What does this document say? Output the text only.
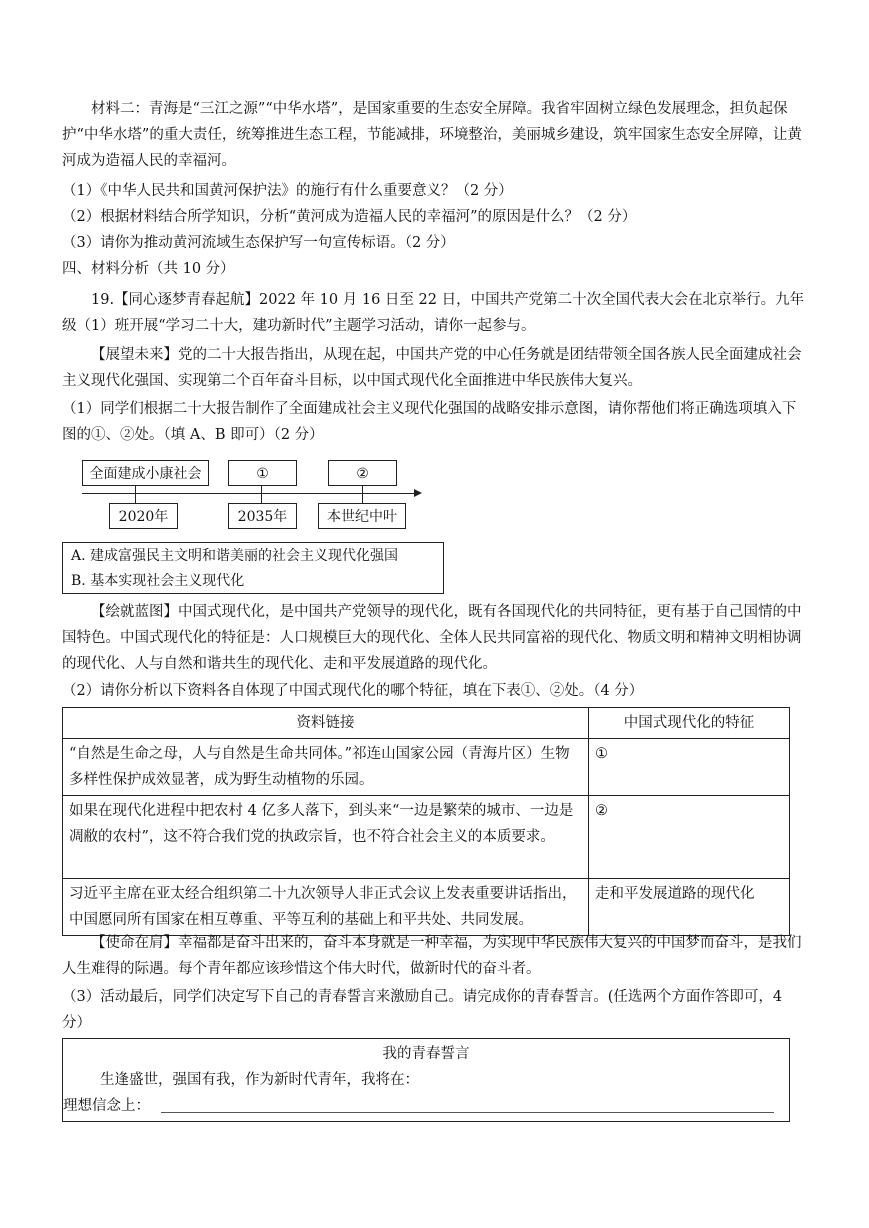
材料二：青海是“三江之源”“中华水塔”，是国家重要的生态安全屏障。我省牢固树立绿色发展理念，担负起保护“中华水塔”的重大责任，统筹推进生态工程，节能减排，环境整治，美丽城乡建设，筑牢国家生态安全屏障，让黄河成为造福人民的幸福河。

（1）《中华人民共和国黄河保护法》的施行有什么重要意义？（2 分）
（2）根据材料结合所学知识，分析“黄河成为造福人民的幸福河”的原因是什么？（2 分）
（3）请你为推动黄河流域生态保护写一句宣传标语。（2 分）
四、材料分析（共 10 分）

19.【同心逐梦青春起航】2022 年 10 月 16 日至 22 日，中国共产党第二十次全国代表大会在北京举行。九年级（1）班开展“学习二十大，建功新时代”主题学习活动，请你一起参与。

【展望未来】党的二十大报告指出，从现在起，中国共产党的中心任务就是团结带领全国各族人民全面建成社会主义现代化强国、实现第二个百年奋斗目标，以中国式现代化全面推进中华民族伟大复兴。

（1）同学们根据二十大报告制作了全面建成社会主义现代化强国的战略安排示意图，请你帮他们将正确选项填入下图的①、②处。（填 A、B 即可）（2 分）

全面建成小康社会	①	②
2020年	2035年	本世纪中叶
A. 建成富强民主文明和谐美丽的社会主义现代化强国
B. 基本实现社会主义现代化

【绘就蓝图】中国式现代化，是中国共产党领导的现代化，既有各国现代化的共同特征，更有基于自己国情的中国特色。中国式现代化的特征是：人口规模巨大的现代化、全体人民共同富裕的现代化、物质文明和精神文明相协调的现代化、人与自然和谐共生的现代化、走和平发展道路的现代化。

（2）请你分析以下资料各自体现了中国式现代化的哪个特征，填在下表①、②处。（4 分）
资料链接	中国式现代化的特征
“自然是生命之母，人与自然是生命共同体。”祁连山国家公园（青海片区）生物多样性保护成效显著，成为野生动植物的乐园。	①
如果在现代化进程中把农村 4 亿多人落下，到头来“一边是繁荣的城市、一边是凋敝的农村”，这不符合我们党的执政宗旨，也不符合社会主义的本质要求。	②
习近平主席在亚太经合组织第二十九次领导人非正式会议上发表重要讲话指出，中国愿同所有国家在相互尊重、平等互利的基础上和平共处、共同发展。	走和平发展道路的现代化

【使命在肩】幸福都是奋斗出来的，奋斗本身就是一种幸福，为实现中华民族伟大复兴的中国梦而奋斗，是我们人生难得的际遇。每个青年都应该珍惜这个伟大时代，做新时代的奋斗者。

（3）活动最后，同学们决定写下自己的青春誓言来激励自己。请完成你的青春誓言。(任选两个方面作答即可，4 分）

我的青春誓言
生逢盛世，强国有我，作为新时代青年，我将在：
理想信念上：
